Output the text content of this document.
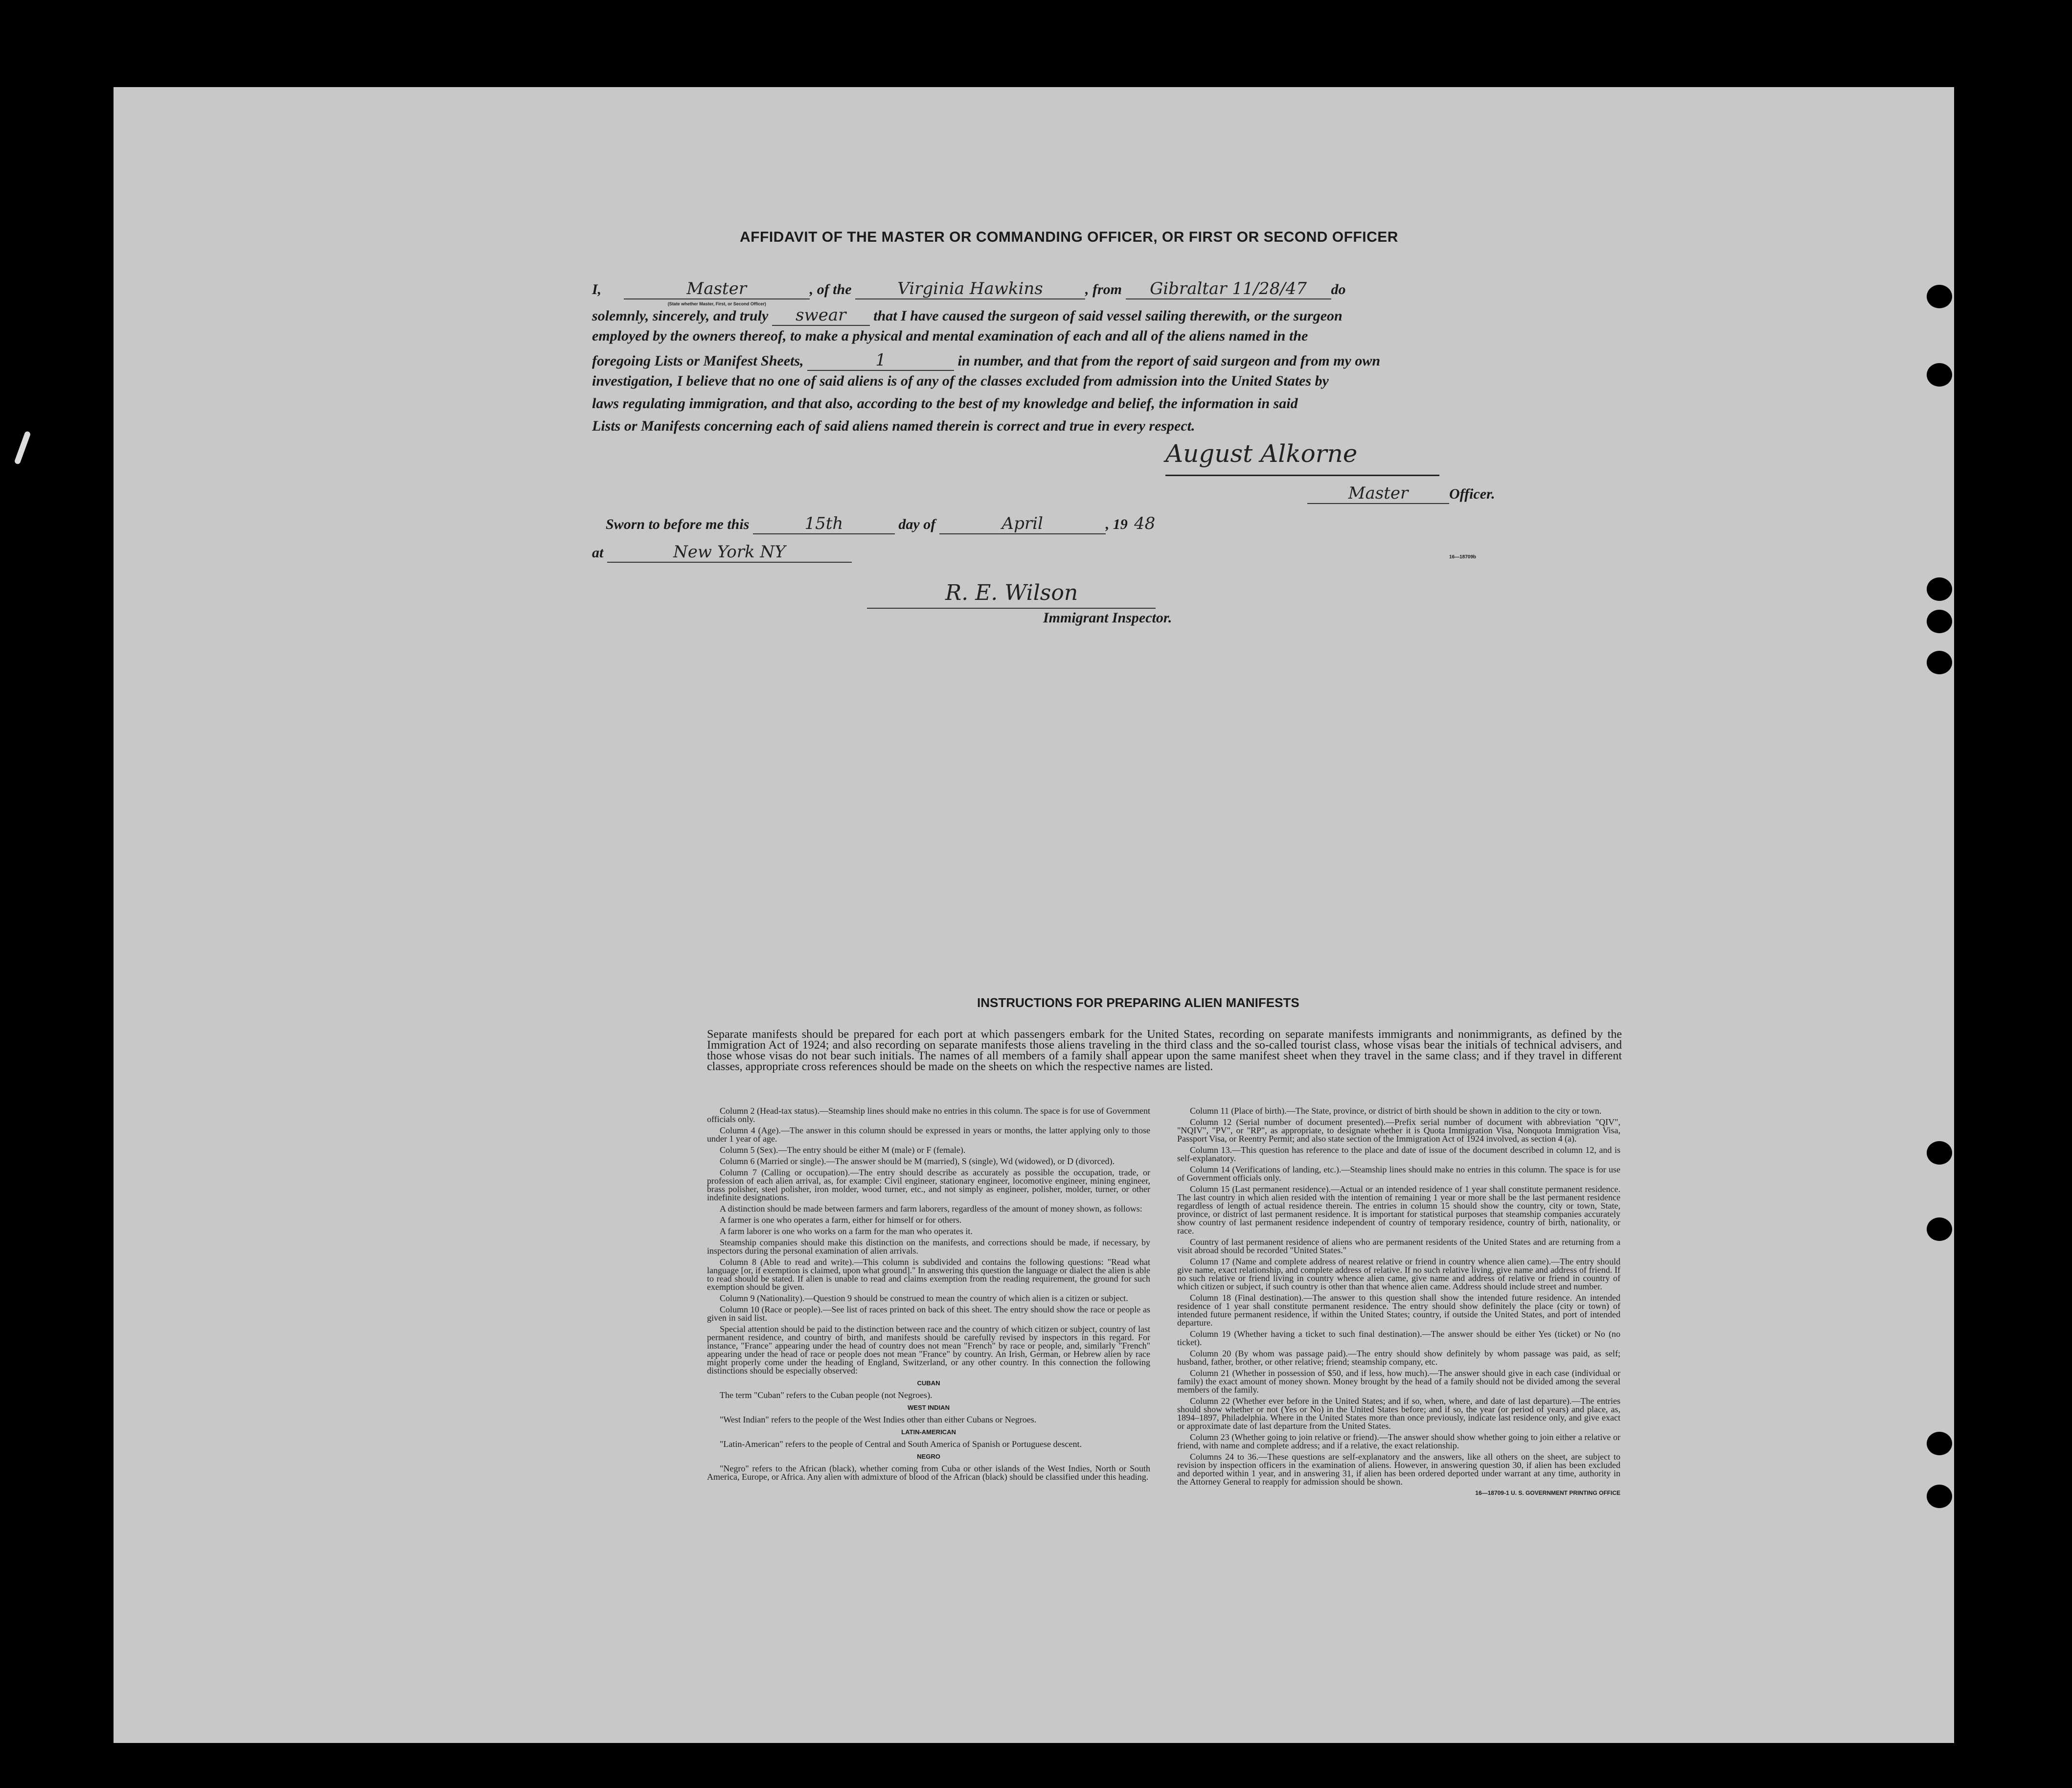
AFFIDAVIT OF THE MASTER OR COMMANDING OFFICER, OR FIRST OR SECOND OFFICER
I,	Master
(State whether Master, First, or Second Officer)
, of the	Virginia Hawkins	, from Gibraltar 11/28/47 do
solemnly, sincerely, and truly swear that I have caused the surgeon of said vessel sailing therewith, or the surgeon
employed by the owners thereof, to make a physical and mental examination of each and all of the aliens named in the
foregoing Lists or Manifest Sheets,	1	in number, and that from the report of said surgeon and from my own
investigation, I believe that no one of said aliens is of any of the classes excluded from admission into the United States by
laws regulating immigration, and that also, according to the best of my knowledge and belief, the information in said
Lists or Manifests concerning each of said aliens named therein is correct and true in every respect.
August Alkorne
Master	Officer.
Sworn to before me this	15th	day of	April	, 19 48
at	New York NY
R. E. Wilson
Immigrant Inspector.
16—18709b
INSTRUCTIONS FOR PREPARING ALIEN MANIFESTS
Separate manifests should be prepared for each port at which passengers embark for the United States, recording on separate manifests immigrants and nonimmigrants, as defined by the Immigration Act of 1924; and also recording on separate manifests those aliens traveling in the third class and the so-called tourist class, whose visas bear the initials of technical advisers, and those whose visas do not bear such initials. The names of all members of a family shall appear upon the same manifest sheet when they travel in the same class; and if they travel in different classes, appropriate cross references should be made on the sheets on which the respective names are listed.

Column 2 (Head-tax status).—Steamship lines should make no entries in this column. The space is for use of Government officials only.

Column 4 (Age).—The answer in this column should be expressed in years or months, the latter applying only to those under 1 year of age.

Column 5 (Sex).—The entry should be either M (male) or F (female).

Column 6 (Married or single).—The answer should be M (married), S (single), Wd (widowed), or D (divorced).

Column 7 (Calling or occupation).—The entry should describe as accurately as possible the occupation, trade, or profession of each alien arrival, as, for example: Civil engineer, stationary engineer, locomotive engineer, mining engineer, brass polisher, steel polisher, iron molder, wood turner, etc., and not simply as engineer, polisher, molder, turner, or other indefinite designations.

A distinction should be made between farmers and farm laborers, regardless of the amount of money shown, as follows:

A farmer is one who operates a farm, either for himself or for others.

A farm laborer is one who works on a farm for the man who operates it.

Steamship companies should make this distinction on the manifests, and corrections should be made, if necessary, by inspectors during the personal examination of alien arrivals.

Column 8 (Able to read and write).—This column is subdivided and contains the following questions: "Read what language [or, if exemption is claimed, upon what ground]." In answering this question the language or dialect the alien is able to read should be stated. If alien is unable to read and claims exemption from the reading requirement, the ground for such exemption should be given.

Column 9 (Nationality).—Question 9 should be construed to mean the country of which alien is a citizen or subject.

Column 10 (Race or people).—See list of races printed on back of this sheet. The entry should show the race or people as given in said list.

Special attention should be paid to the distinction between race and the country of which citizen or subject, country of last permanent residence, and country of birth, and manifests should be carefully revised by inspectors in this regard. For instance, "France" appearing under the head of country does not mean "French" by race or people, and, similarly "French" appearing under the head of race or people does not mean "France" by country. An Irish, German, or Hebrew alien by race might properly come under the heading of England, Switzerland, or any other country. In this connection the following distinctions should be especially observed:

CUBAN

The term "Cuban" refers to the Cuban people (not Negroes).

WEST INDIAN

"West Indian" refers to the people of the West Indies other than either Cubans or Negroes.

LATIN-AMERICAN

"Latin-American" refers to the people of Central and South America of Spanish or Portuguese descent.

NEGRO

"Negro" refers to the African (black), whether coming from Cuba or other islands of the West Indies, North or South America, Europe, or Africa. Any alien with admixture of blood of the African (black) should be classified under this heading.

Column 11 (Place of birth).—The State, province, or district of birth should be shown in addition to the city or town.

Column 12 (Serial number of document presented).—Prefix serial number of document with abbreviation "QIV", "NQIV", "PV", or "RP", as appropriate, to designate whether it is Quota Immigration Visa, Nonquota Immigration Visa, Passport Visa, or Reentry Permit; and also state section of the Immigration Act of 1924 involved, as section 4 (a).

Column 13.—This question has reference to the place and date of issue of the document described in column 12, and is self-explanatory.

Column 14 (Verifications of landing, etc.).—Steamship lines should make no entries in this column. The space is for use of Government officials only.

Column 15 (Last permanent residence).—Actual or an intended residence of 1 year shall constitute permanent residence. The last country in which alien resided with the intention of remaining 1 year or more shall be the last permanent residence regardless of length of actual residence therein. The entries in column 15 should show the country, city or town, State, province, or district of last permanent residence. It is important for statistical purposes that steamship companies accurately show country of last permanent residence independent of country of temporary residence, country of birth, nationality, or race.

Country of last permanent residence of aliens who are permanent residents of the United States and are returning from a visit abroad should be recorded "United States."

Column 17 (Name and complete address of nearest relative or friend in country whence alien came).—The entry should give name, exact relationship, and complete address of relative. If no such relative living, give name and address of friend. If no such relative or friend living in country whence alien came, give name and address of relative or friend in country of which citizen or subject, if such country is other than that whence alien came. Address should include street and number.

Column 18 (Final destination).—The answer to this question shall show the intended future residence. An intended residence of 1 year shall constitute permanent residence. The entry should show definitely the place (city or town) of intended future permanent residence, if within the United States; country, if outside the United States, and port of intended departure.

Column 19 (Whether having a ticket to such final destination).—The answer should be either Yes (ticket) or No (no ticket).

Column 20 (By whom was passage paid).—The entry should show definitely by whom passage was paid, as self; husband, father, brother, or other relative; friend; steamship company, etc.

Column 21 (Whether in possession of $50, and if less, how much).—The answer should give in each case (individual or family) the exact amount of money shown. Money brought by the head of a family should not be divided among the several members of the family.

Column 22 (Whether ever before in the United States; and if so, when, where, and date of last departure).—The entries should show whether or not (Yes or No) in the United States before; and if so, the year (or period of years) and place, as, 1894–1897, Philadelphia. Where in the United States more than once previously, indicate last residence only, and give exact or approximate date of last departure from the United States.

Column 23 (Whether going to join relative or friend).—The answer should show whether going to join either a relative or friend, with name and complete address; and if a relative, the exact relationship.

Columns 24 to 36.—These questions are self-explanatory and the answers, like all others on the sheet, are subject to revision by inspection officers in the examination of aliens. However, in answering question 30, if alien has been excluded and deported within 1 year, and in answering 31, if alien has been ordered deported under warrant at any time, authority in the Attorney General to reapply for admission should be shown.

16—18709-1 U. S. GOVERNMENT PRINTING OFFICE
